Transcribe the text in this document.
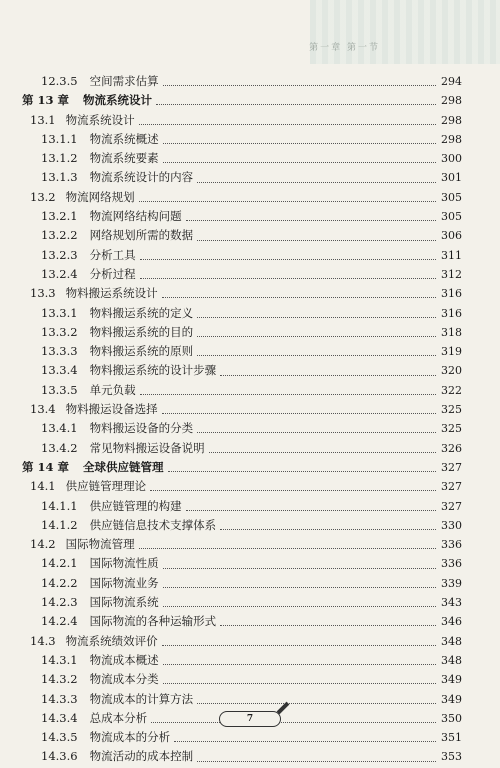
第一章 第一节
12.3.5 空间需求估算	294
第 13 章 物流系统设计	298
13.1 物流系统设计	298
13.1.1 物流系统概述	298
13.1.2 物流系统要素	300
13.1.3 物流系统设计的内容	301
13.2 物流网络规划	305
13.2.1 物流网络结构问题	305
13.2.2 网络规划所需的数据	306
13.2.3 分析工具	311
13.2.4 分析过程	312
13.3 物料搬运系统设计	316
13.3.1 物料搬运系统的定义	316
13.3.2 物料搬运系统的目的	318
13.3.3 物料搬运系统的原则	319
13.3.4 物料搬运系统的设计步骤	320
13.3.5 单元负载	322
13.4 物料搬运设备选择	325
13.4.1 物料搬运设备的分类	325
13.4.2 常见物料搬运设备说明	326
第 14 章 全球供应链管理	327
14.1 供应链管理理论	327
14.1.1 供应链管理的构建	327
14.1.2 供应链信息技术支撑体系	330
14.2 国际物流管理	336
14.2.1 国际物流性质	336
14.2.2 国际物流业务	339
14.2.3 国际物流系统	343
14.2.4 国际物流的各种运输形式	346
14.3 物流系统绩效评价	348
14.3.1 物流成本概述	348
14.3.2 物流成本分类	349
14.3.3 物流成本的计算方法	349
14.3.4 总成本分析	350
14.3.5 物流成本的分析	351
14.3.6 物流活动的成本控制	353
7
